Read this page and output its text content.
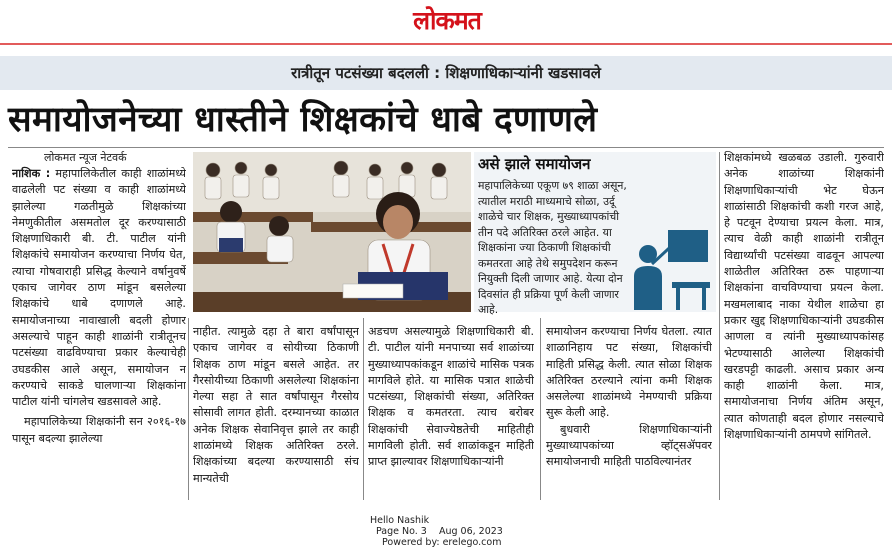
लोकमत
रात्रीतून पटसंख्या बदलली : शिक्षणाधिकाऱ्यांनी खडसावले
समायोजनेच्या धास्तीने शिक्षकांचे धाबे दणाणले
लोकमत न्यूज नेटवर्क
नाशिक : महापालिकेतील काही शाळांमध्ये वाढलेली पट संख्या व काही शाळांमध्ये झालेल्या गळतीमुळे शिक्षकांच्या नेमणुकीतील असमतोल दूर करण्यासाठी शिक्षणाधिकारी बी. टी. पाटील यांनी शिक्षकांचे समायोजन करण्याचा निर्णय घेत, त्याचा गोषवाराही प्रसिद्ध केल्याने वर्षानुवर्षे एकाच जागेवर ठाण मांडून बसलेल्या शिक्षकांचे धाबे दणाणले आहे. समायोजनाच्या नावाखाली बदली होणार असल्याचे पाहून काही शाळांनी रात्रीतूनच पटसंख्या वाढविण्याचा प्रकार केल्याचेही उघडकीस आले असून, समायोजन न करण्याचे साकडे घालणाऱ्या शिक्षकांना पाटील यांनी चांगलेच खडसावले आहे.
महापालिकेच्या शिक्षकांनी सन २०१६-१७ पासून बदल्या झालेल्या
असे झाले समायोजन
महापालिकेच्या एकूण ७९ शाळा असून, त्यातील मराठी माध्यमाचे सोळा, उर्दू शाळेचे चार शिक्षक, मुख्याध्यापकांची तीन पदे अतिरिक्त ठरले आहेत. या शिक्षकांना ज्या ठिकाणी शिक्षकांची कमतरता आहे तेथे समुपदेशन करून नियुक्ती दिली जाणार आहे. येत्या दोन दिवसांत ही प्रक्रिया पूर्ण केली जाणार आहे.
नाहीत. त्यामुळे दहा ते बारा वर्षांपासून एकाच जागेवर व सोयीच्या ठिकाणी शिक्षक ठाण मांडून बसले आहेत. तर गैरसोयीच्या ठिकाणी असलेल्या शिक्षकांना गेल्या सहा ते सात वर्षांपासून गैरसोय सोसावी लागत होती. दरम्यानच्या काळात अनेक शिक्षक सेवानिवृत्त झाले तर काही शाळांमध्ये शिक्षक अतिरिक्त ठरले. शिक्षकांच्या बदल्या करण्यासाठी संच मान्यतेची
अडचण असल्यामुळे शिक्षणाधिकारी बी. टी. पाटील यांनी मनपाच्या सर्व शाळांच्या मुख्याध्यापकांकडून शाळांचे मासिक पत्रक मागविले होते. या मासिक पत्रात शाळेची पटसंख्या, शिक्षकांची संख्या, अतिरिक्त शिक्षक व कमतरता. त्याच बरोबर शिक्षकांची सेवाज्येष्ठतेची माहितीही मागविली होती. सर्व शाळांकडून माहिती प्राप्त झाल्यावर शिक्षणाधिकाऱ्यांनी
समायोजन करण्याचा निर्णय घेतला. त्यात शाळानिहाय पट संख्या, शिक्षकांची माहिती प्रसिद्ध केली. त्यात सोळा शिक्षक अतिरिक्त ठरल्याने त्यांना कमी शिक्षक असलेल्या शाळांमध्ये नेमण्याची प्रक्रिया सुरू केली आहे.
बुधवारी शिक्षणाधिकाऱ्यांनी मुख्याध्यापकांच्या व्हॉट्सॲपवर समायोजनाची माहिती पाठविल्यानंतर
शिक्षकांमध्ये खळबळ उडाली. गुरुवारी अनेक शाळांच्या शिक्षकांनी शिक्षणाधिकाऱ्यांची भेट घेऊन शाळांसाठी शिक्षकांची कशी गरज आहे, हे पटवून देण्याचा प्रयत्न केला. मात्र, त्याच वेळी काही शाळांनी रात्रीतून विद्यार्थ्यांची पटसंख्या वाढवून आपल्या शाळेतील अतिरिक्त ठरू पाहणाऱ्या शिक्षकांना वाचविण्याचा प्रयत्न केला. मखमलाबाद नाका येथील शाळेचा हा प्रकार खुद्द शिक्षणाधिकाऱ्यांनी उघडकीस आणला व त्यांनी मुख्याध्यापकांसह भेटण्यासाठी आलेल्या शिक्षकांची खरडपट्टी काढली. असाच प्रकार अन्य काही शाळांनी केला. मात्र, समायोजनाचा निर्णय अंतिम असून, त्यात कोणताही बदल होणार नसल्याचे शिक्षणाधिकाऱ्यांनी ठामपणे सांगितले.
Hello Nashik
Page No. 3 Aug 06, 2023
Powered by: erelego.com
